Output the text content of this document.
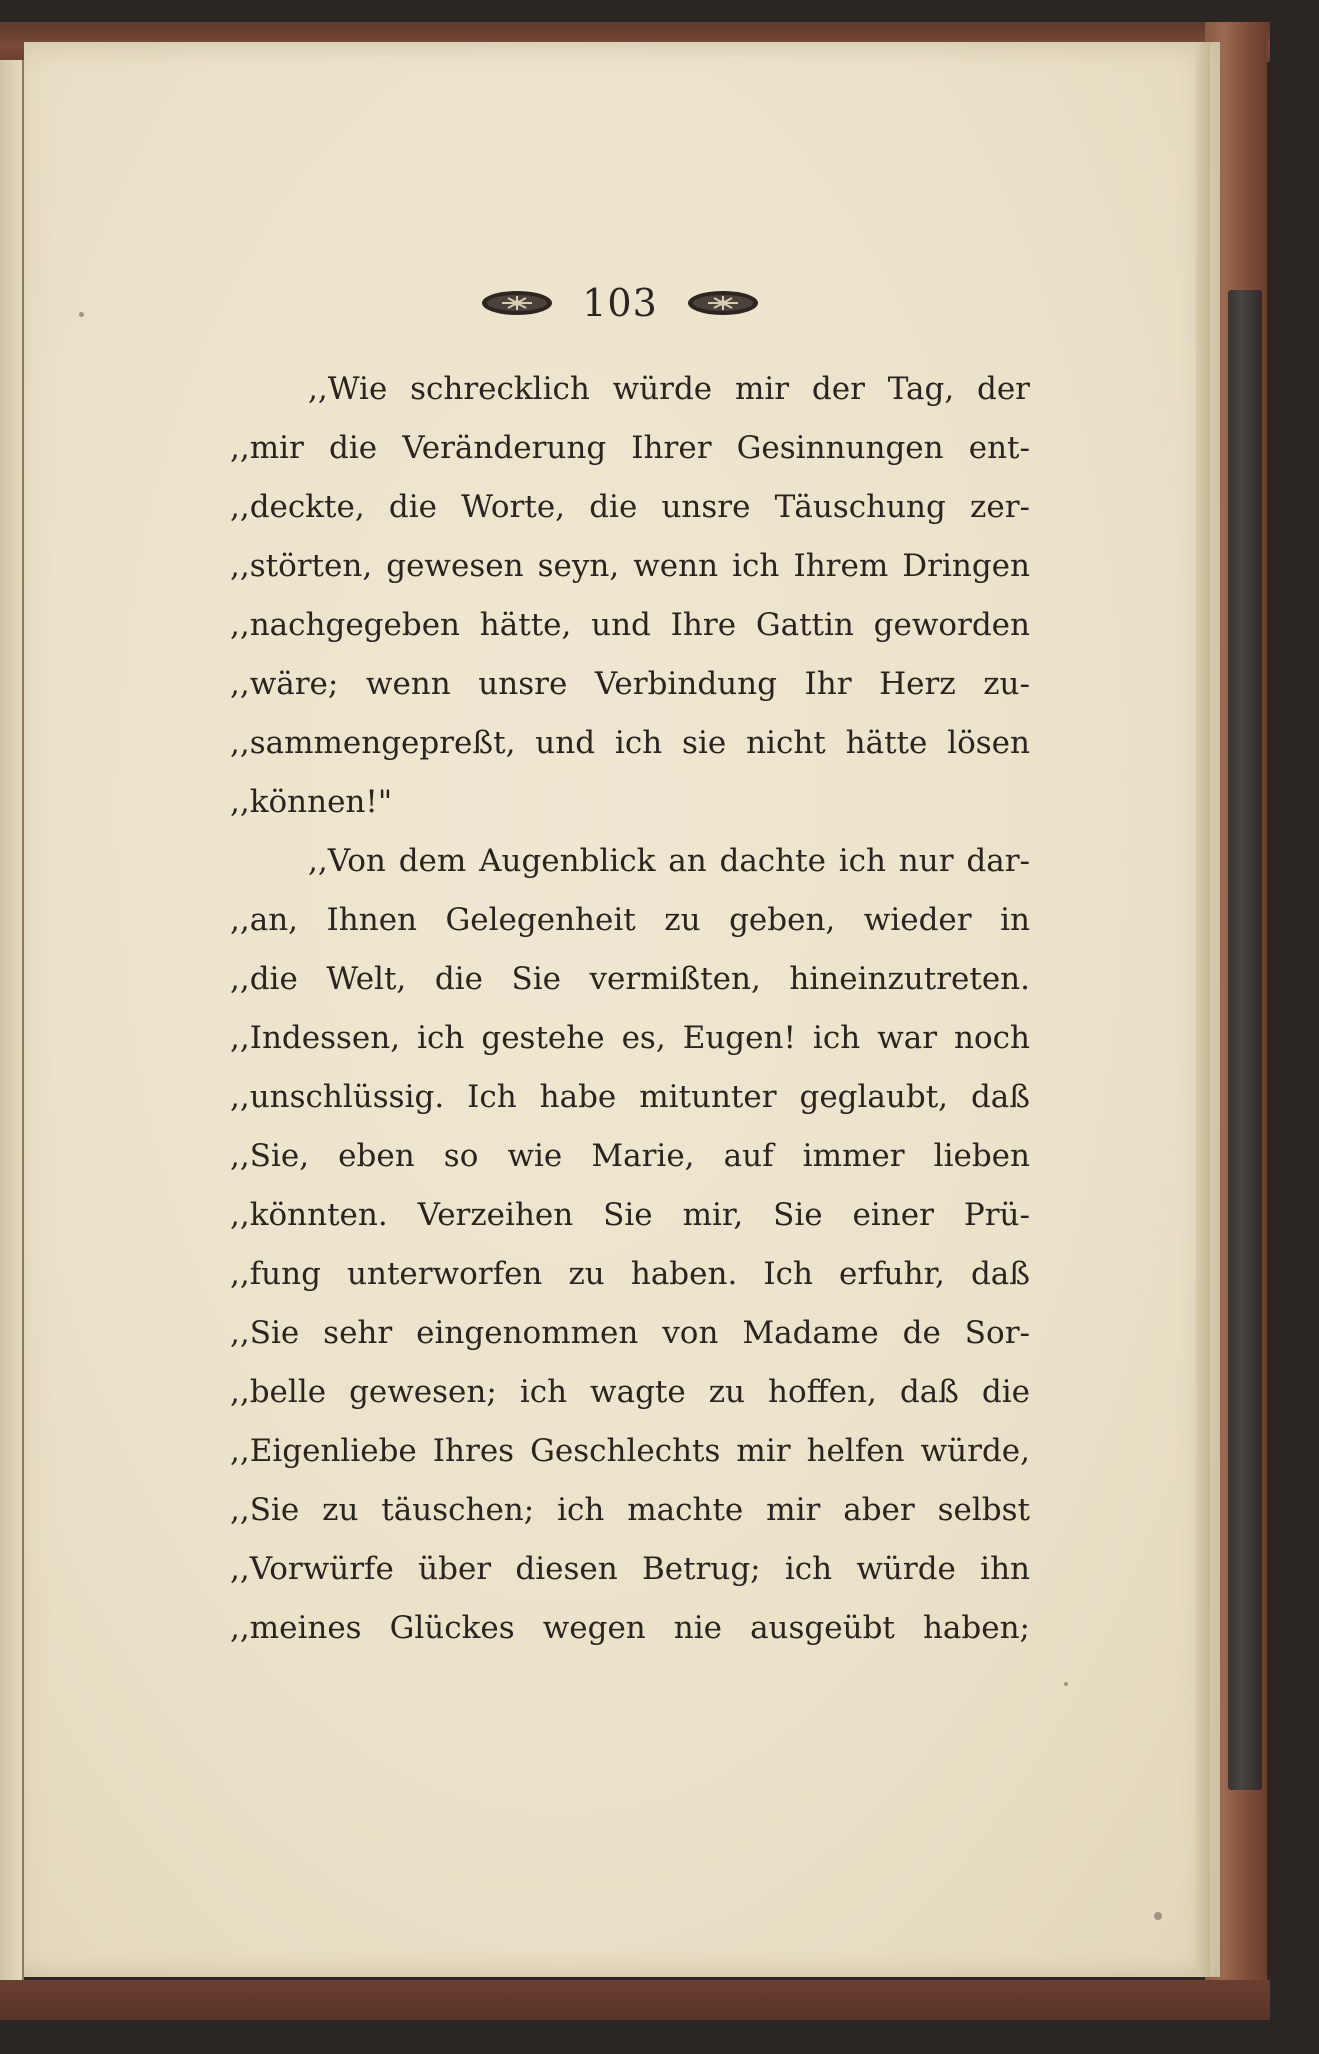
103
,,Wie schrecklich würde mir der Tag, der
,,mir die Veränderung Ihrer Gesinnungen ent-
,,deckte, die Worte, die unsre Täuschung zer-
,,störten, gewesen seyn, wenn ich Ihrem Dringen
,,nachgegeben hätte, und Ihre Gattin geworden
,,wäre; wenn unsre Verbindung Ihr Herz zu-
,,sammengepreßt, und ich sie nicht hätte lösen
,,können!"
,,Von dem Augenblick an dachte ich nur dar-
,,an, Ihnen Gelegenheit zu geben, wieder in
,,die Welt, die Sie vermißten, hineinzutreten.
,,Indessen, ich gestehe es, Eugen! ich war noch
,,unschlüssig. Ich habe mitunter geglaubt, daß
,,Sie, eben so wie Marie, auf immer lieben
,,könnten. Verzeihen Sie mir, Sie einer Prü-
,,fung unterworfen zu haben. Ich erfuhr, daß
,,Sie sehr eingenommen von Madame de Sor-
,,belle gewesen; ich wagte zu hoffen, daß die
,,Eigenliebe Ihres Geschlechts mir helfen würde,
,,Sie zu täuschen; ich machte mir aber selbst
,,Vorwürfe über diesen Betrug; ich würde ihn
,,meines Glückes wegen nie ausgeübt haben;
